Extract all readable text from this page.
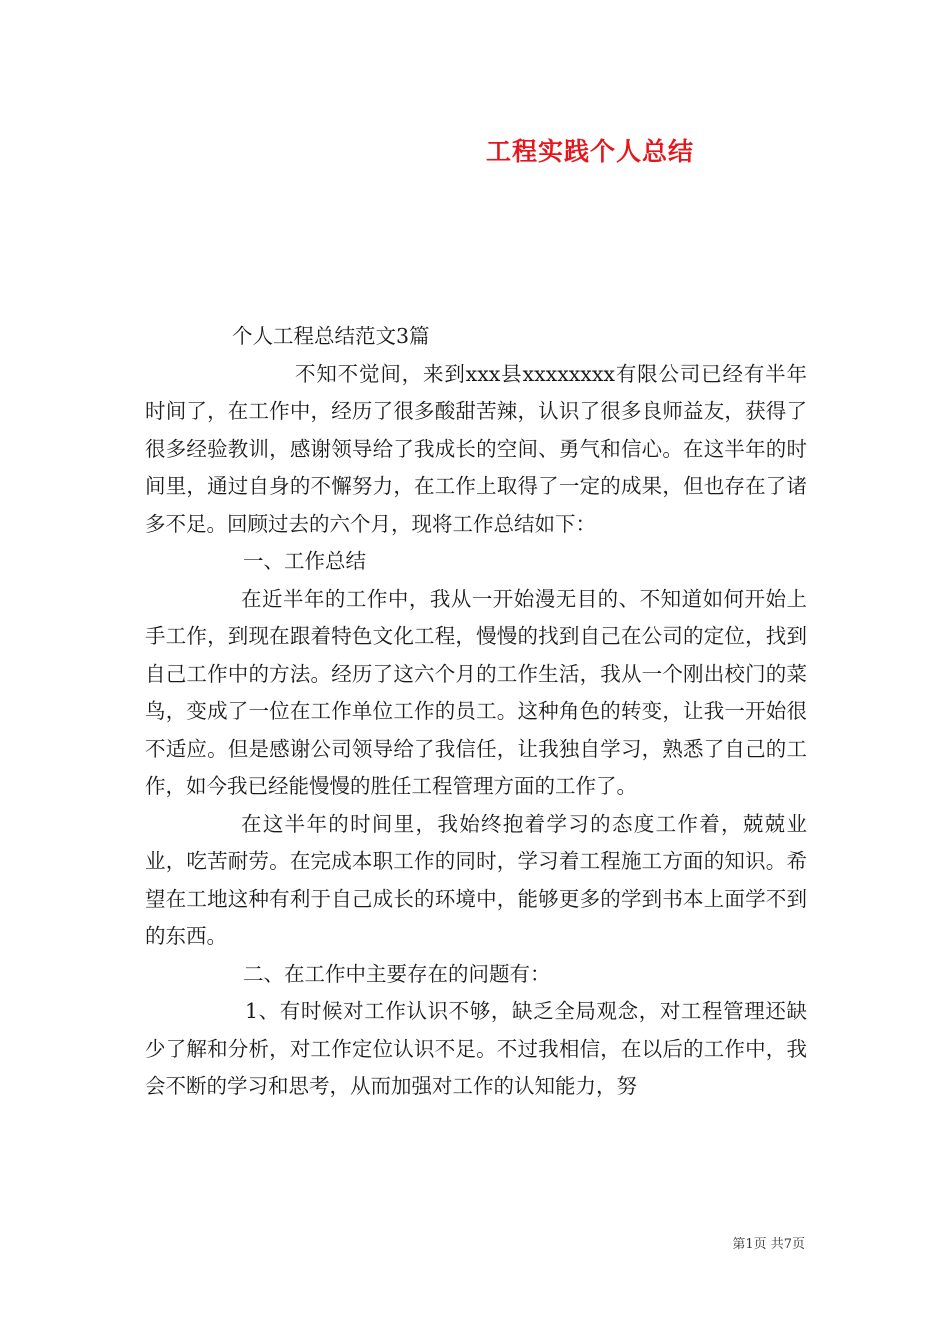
工程实践个人总结
个人工程总结范文3篇

不知不觉间，来到xxx县xxxxxxxx有限公司已经有半年时间了，在工作中，经历了很多酸甜苦辣，认识了很多良师益友，获得了很多经验教训，感谢领导给了我成长的空间、勇气和信心。在这半年的时间里，通过自身的不懈努力，在工作上取得了一定的成果，但也存在了诸多不足。回顾过去的六个月，现将工作总结如下：

一、工作总结

在近半年的工作中，我从一开始漫无目的、不知道如何开始上手工作，到现在跟着特色文化工程，慢慢的找到自己在公司的定位，找到自己工作中的方法。经历了这六个月的工作生活，我从一个刚出校门的菜鸟，变成了一位在工作单位工作的员工。这种角色的转变，让我一开始很不适应。但是感谢公司领导给了我信任，让我独自学习，熟悉了自己的工作，如今我已经能慢慢的胜任工程管理方面的工作了。

在这半年的时间里，我始终抱着学习的态度工作着，兢兢业业，吃苦耐劳。在完成本职工作的同时，学习着工程施工方面的知识。希望在工地这种有利于自己成长的环境中，能够更多的学到书本上面学不到的东西。

二、在工作中主要存在的问题有：

1、有时候对工作认识不够，缺乏全局观念，对工程管理还缺少了解和分析，对工作定位认识不足。不过我相信，在以后的工作中，我会不断的学习和思考，从而加强对工作的认知能力，努

第1页 共7页
